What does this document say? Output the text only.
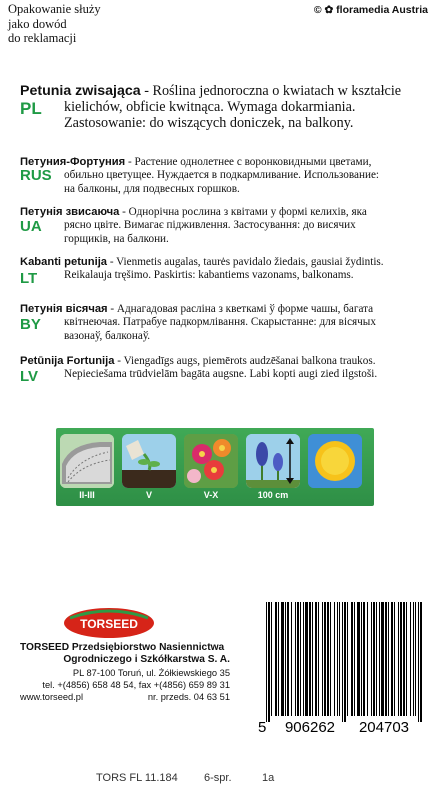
Opakowanie służy
jako dowód
do reklamacji
© ✿ floramedia Austria
PL
Petunia zwisająca - Roślina jednoroczna o kwiatach w kształcie
kielichów, obficie kwitnąca. Wymaga dokarmiania.
Zastosowanie: do wiszących doniczek, na balkony.
RUS
Петуния-Фортуния - Растение однолетнее с воронковидными цветами,
обильно цветущее. Нуждается в подкармливание. Использование:
на балконы, для подвесных горшков.
UA
Петунія звисаюча - Однорічна рослина з квітами у формі келихів, яка
рясно цвіте. Вимагає підживлення. Застосування: до висячих
горщиків, на балкони.
LT
Kabanti petunija - Vienmetis augalas, taurės pavidalo žiedais, gausiai žydintis.
Reikalauja tręšimo. Paskirtis: kabantiems vazonams, balkonams.
BY
Петунія вісячая - Аднагадовая расліна з кветкамі ў форме чашы, багата
квітнеючая. Патрабуе падкормлівання. Скарыстанне: для вісячых
вазонаў, балконаў.
LV
Petūnija Fortunija - Viengadīgs augs, piemērots audzēšanai balkona traukos.
Nepieciešama trūdvielām bagāta augsne. Labi kopti augi zied ilgstoši.
II-III	V	V-X	100 cm
TORSEED
TORSEED Przedsiębiorstwo Nasiennictwa
Ogrodniczego i Szkółkarstwa S. A.
PL 87-100 Toruń, ul. Żółkiewskiego 35
tel. +(4856) 658 48 54, fax +(4856) 659 89 31
www.torseed.pl	nr. przeds. 04 63 51
5 906262 204703
TORS FL 11.184 6-spr.	1a
